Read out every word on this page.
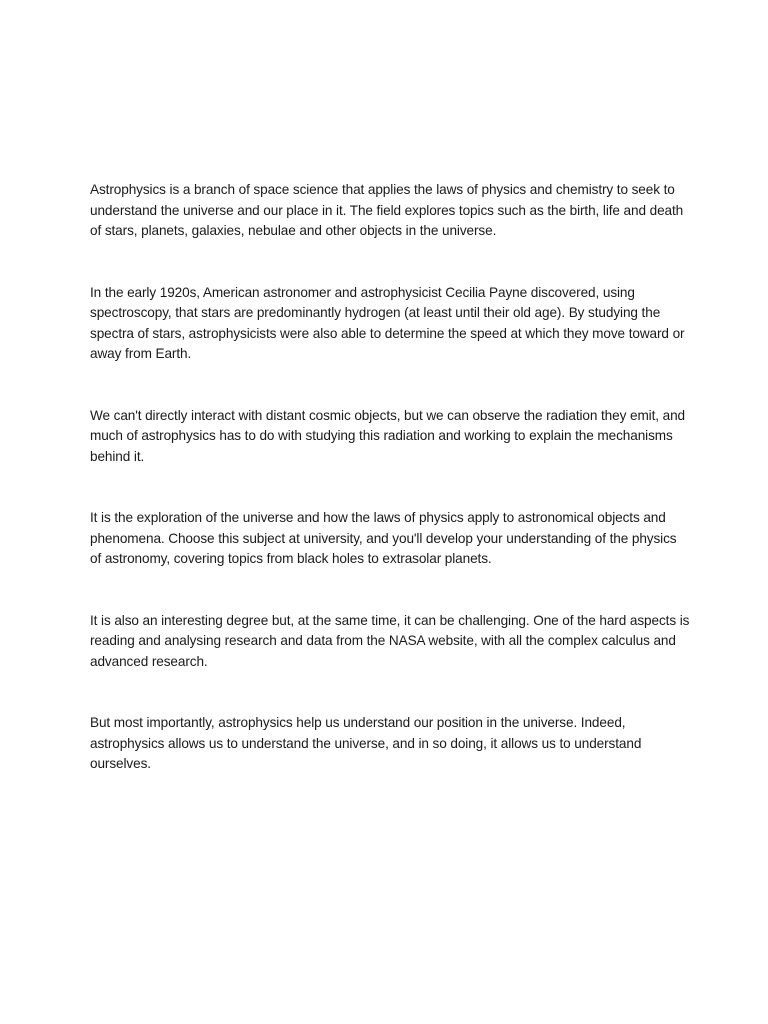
Astrophysics is a branch of space science that applies the laws of physics and chemistry to seek to understand the universe and our place in it. The field explores topics such as the birth, life and death of stars, planets, galaxies, nebulae and other objects in the universe.

In the early 1920s, American astronomer and astrophysicist Cecilia Payne discovered, using spectroscopy, that stars are predominantly hydrogen (at least until their old age). By studying the spectra of stars, astrophysicists were also able to determine the speed at which they move toward or away from Earth.

We can't directly interact with distant cosmic objects, but we can observe the radiation they emit, and much of astrophysics has to do with studying this radiation and working to explain the mechanisms behind it.

It is the exploration of the universe and how the laws of physics apply to astronomical objects and phenomena. Choose this subject at university, and you'll develop your understanding of the physics of astronomy, covering topics from black holes to extrasolar planets.

It is also an interesting degree but, at the same time, it can be challenging. One of the hard aspects is reading and analysing research and data from the NASA website, with all the complex calculus and advanced research.

But most importantly, astrophysics help us understand our position in the universe. Indeed, astrophysics allows us to understand the universe, and in so doing, it allows us to understand ourselves.
